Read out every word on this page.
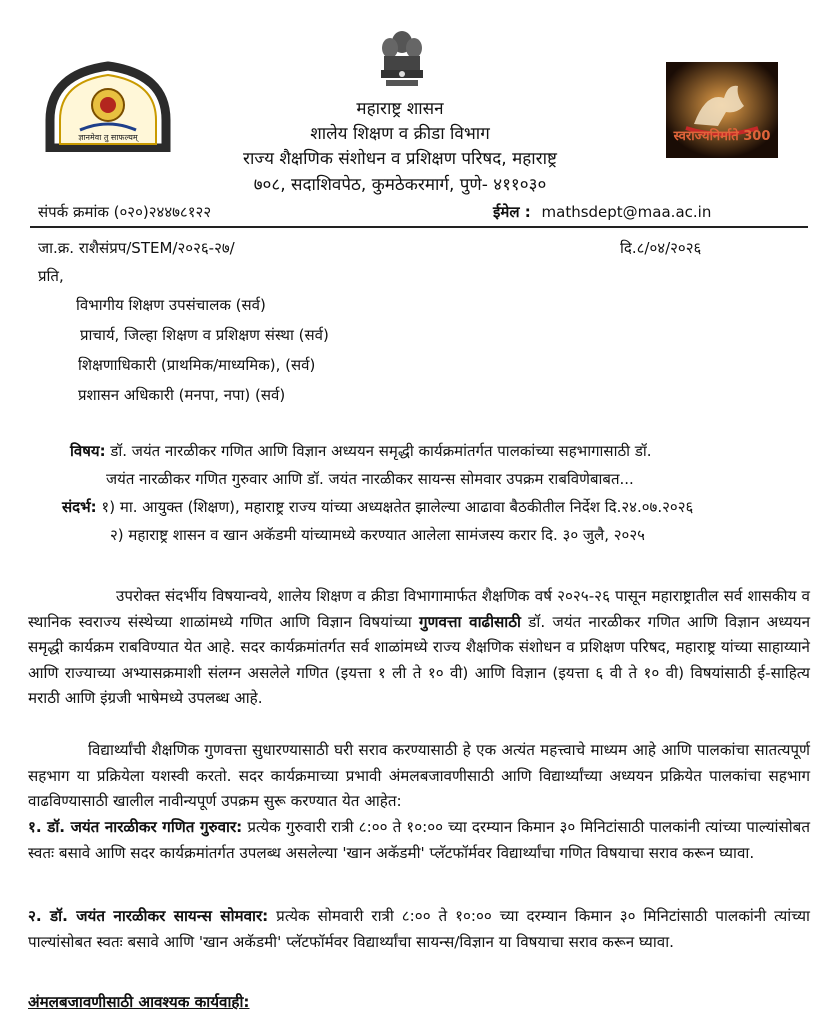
ज्ञानमेवा तु साफल्यम्	स्वराज्यनिर्माते 300
महाराष्ट्र शासन
शालेय शिक्षण व क्रीडा विभाग
राज्य शैक्षणिक संशोधन व प्रशिक्षण परिषद, महाराष्ट्र
७०८, सदाशिवपेठ, कुमठेकरमार्ग, पुणे- ४११०३०
संपर्क क्रमांक (०२०)२४४७८१२२	ईमेल : mathsdept@maa.ac.in
जा.क्र. राशैसंप्रप/STEM/२०२६-२७/	दि.८/०४/२०२६
प्रति,
विभागीय शिक्षण उपसंचालक (सर्व)
प्राचार्य, जिल्हा शिक्षण व प्रशिक्षण संस्था (सर्व)
शिक्षणाधिकारी (प्राथमिक/माध्यमिक), (सर्व)
प्रशासन अधिकारी (मनपा, नपा) (सर्व)
विषय: डॉ. जयंत नारळीकर गणित आणि विज्ञान अध्ययन समृद्धी कार्यक्रमांतर्गत पालकांच्या सहभागासाठी डॉ.
जयंत नारळीकर गणित गुरुवार आणि डॉ. जयंत नारळीकर सायन्स सोमवार उपक्रम राबविणेबाबत...
संदर्भ: १) मा. आयुक्त (शिक्षण), महाराष्ट्र राज्य यांच्या अध्यक्षतेत झालेल्या आढावा बैठकीतील निर्देश दि.२४.०७.२०२६
२) महाराष्ट्र शासन व खान अकॅडमी यांच्यामध्ये करण्यात आलेला सामंजस्य करार दि. ३० जुलै, २०२५
उपरोक्त संदर्भीय विषयान्वये, शालेय शिक्षण व क्रीडा विभागामार्फत शैक्षणिक वर्ष २०२५-२६ पासून महाराष्ट्रातील सर्व शासकीय व स्थानिक स्वराज्य संस्थेच्या शाळांमध्ये गणित आणि विज्ञान विषयांच्या गुणवत्ता वाढीसाठी डॉ. जयंत नारळीकर गणित आणि विज्ञान अध्ययन समृद्धी कार्यक्रम राबविण्यात येत आहे. सदर कार्यक्रमांतर्गत सर्व शाळांमध्ये राज्य शैक्षणिक संशोधन व प्रशिक्षण परिषद, महाराष्ट्र यांच्या साहाय्याने आणि राज्याच्या अभ्यासक्रमाशी संलग्न असलेले गणित (इयत्ता १ ली ते १० वी) आणि विज्ञान (इयत्ता ६ वी ते १० वी) विषयांसाठी ई-साहित्य मराठी आणि इंग्रजी भाषेमध्ये उपलब्ध आहे.
विद्यार्थ्यांची शैक्षणिक गुणवत्ता सुधारण्यासाठी घरी सराव करण्यासाठी हे एक अत्यंत महत्त्वाचे माध्यम आहे आणि पालकांचा सातत्यपूर्ण सहभाग या प्रक्रियेला यशस्वी करतो. सदर कार्यक्रमाच्या प्रभावी अंमलबजावणीसाठी आणि विद्यार्थ्यांच्या अध्ययन प्रक्रियेत पालकांचा सहभाग वाढविण्यासाठी खालील नावीन्यपूर्ण उपक्रम सुरू करण्यात येत आहेत:
१. डॉ. जयंत नारळीकर गणित गुरुवार: प्रत्येक गुरुवारी रात्री ८:०० ते १०:०० च्या दरम्यान किमान ३० मिनिटांसाठी पालकांनी त्यांच्या पाल्यांसोबत स्वतः बसावे आणि सदर कार्यक्रमांतर्गत उपलब्ध असलेल्या 'खान अकॅडमी' प्लॅटफॉर्मवर विद्यार्थ्यांचा गणित विषयाचा सराव करून घ्यावा.
२. डॉ. जयंत नारळीकर सायन्स सोमवार: प्रत्येक सोमवारी रात्री ८:०० ते १०:०० च्या दरम्यान किमान ३० मिनिटांसाठी पालकांनी त्यांच्या पाल्यांसोबत स्वतः बसावे आणि 'खान अकॅडमी' प्लॅटफॉर्मवर विद्यार्थ्यांचा सायन्स/विज्ञान या विषयाचा सराव करून घ्यावा.
अंमलबजावणीसाठी आवश्यक कार्यवाही:
